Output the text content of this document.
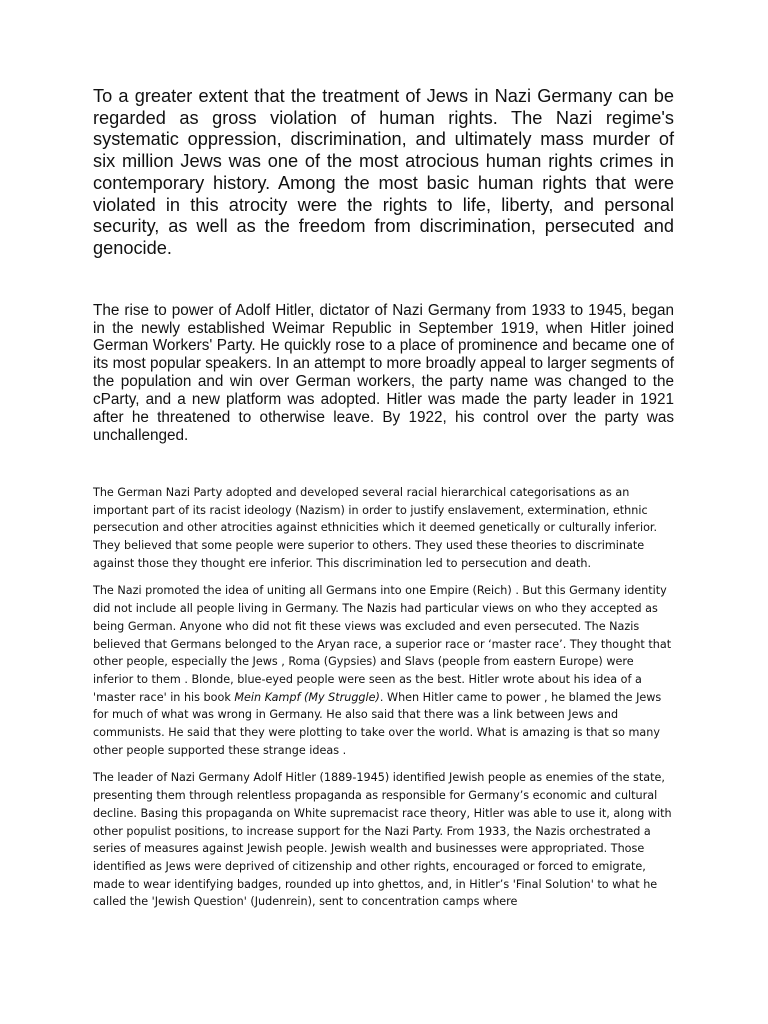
To a greater extent that the treatment of Jews in Nazi Germany can be regarded as gross violation of human rights. The Nazi regime's systematic oppression, discrimination, and ultimately mass murder of six million Jews was one of the most atrocious human rights crimes in contemporary history. Among the most basic human rights that were violated in this atrocity were the rights to life, liberty, and personal security, as well as the freedom from discrimination, persecuted and genocide.

The rise to power of Adolf Hitler, dictator of Nazi Germany from 1933 to 1945, began in the newly established Weimar Republic in September 1919, when Hitler joined German Workers' Party. He quickly rose to a place of prominence and became one of its most popular speakers. In an attempt to more broadly appeal to larger segments of the population and win over German workers, the party name was changed to the cParty, and a new platform was adopted. Hitler was made the party leader in 1921 after he threatened to otherwise leave. By 1922, his control over the party was unchallenged.

The German Nazi Party adopted and developed several racial hierarchical categorisations as an important part of its racist ideology (Nazism) in order to justify enslavement, extermination, ethnic persecution and other atrocities against ethnicities which it deemed genetically or culturally inferior. They believed that some people were superior to others. They used these theories to discriminate against those they thought ere inferior. This discrimination led to persecution and death.

The Nazi promoted the idea of uniting all Germans into one Empire (Reich) . But this Germany identity did not include all people living in Germany. The Nazis had particular views on who they accepted as being German. Anyone who did not fit these views was excluded and even persecuted. The Nazis believed that Germans belonged to the Aryan race, a superior race or ‘master race’. They thought that other people, especially the Jews , Roma (Gypsies) and Slavs (people from eastern Europe) were inferior to them . Blonde, blue-eyed people were seen as the best. Hitler wrote about his idea of a 'master race' in his book Mein Kampf (My Struggle). When Hitler came to power , he blamed the Jews for much of what was wrong in Germany. He also said that there was a link between Jews and communists. He said that they were plotting to take over the world. What is amazing is that so many other people supported these strange ideas .

The leader of Nazi Germany Adolf Hitler (1889-1945) identified Jewish people as enemies of the state, presenting them through relentless propaganda as responsible for Germany’s economic and cultural decline. Basing this propaganda on White supremacist race theory, Hitler was able to use it, along with other populist positions, to increase support for the Nazi Party. From 1933, the Nazis orchestrated a series of measures against Jewish people. Jewish wealth and businesses were appropriated. Those identified as Jews were deprived of citizenship and other rights, encouraged or forced to emigrate, made to wear identifying badges, rounded up into ghettos, and, in Hitler’s 'Final Solution' to what he called the 'Jewish Question' (Judenrein), sent to concentration camps where
